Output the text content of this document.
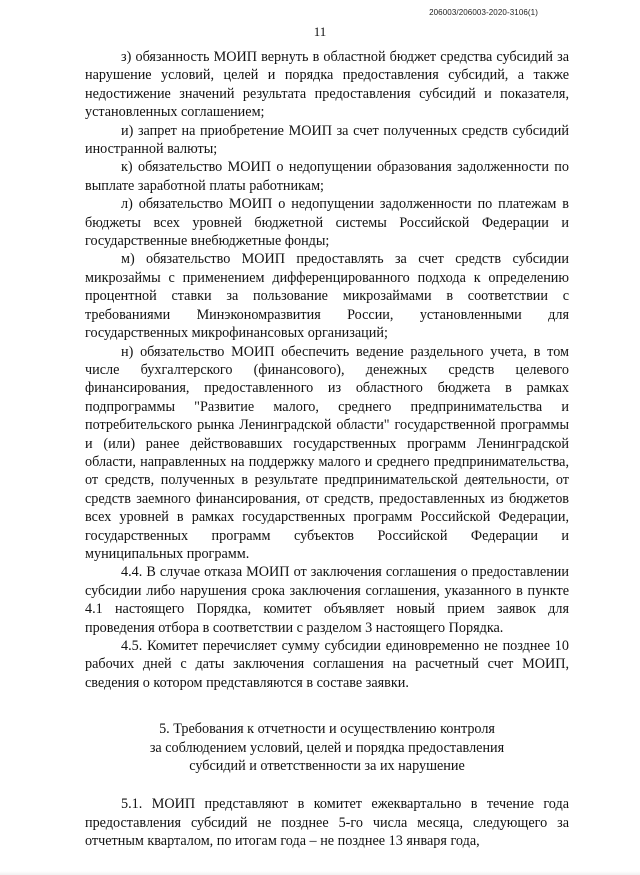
206003/206003-2020-3106(1)
11

з) обязанность МОИП вернуть в областной бюджет средства субсидий за нарушение условий, целей и порядка предоставления субсидий, а также недостижение значений результата предоставления субсидий и показателя, установленных соглашением;

и) запрет на приобретение МОИП за счет полученных средств субсидий иностранной валюты;

к) обязательство МОИП о недопущении образования задолженности по выплате заработной платы работникам;

л) обязательство МОИП о недопущении задолженности по платежам в бюджеты всех уровней бюджетной системы Российской Федерации и государственные внебюджетные фонды;

м) обязательство МОИП предоставлять за счет средств субсидии микрозаймы с применением дифференцированного подхода к определению процентной ставки за пользование микрозаймами в соответствии с требованиями Минэкономразвития России, установленными для государственных микрофинансовых организаций;

н) обязательство МОИП обеспечить ведение раздельного учета, в том числе бухгалтерского (финансового), денежных средств целевого финансирования, предоставленного из областного бюджета в рамках подпрограммы "Развитие малого, среднего предпринимательства и потребительского рынка Ленинградской области" государственной программы и (или) ранее действовавших государственных программ Ленинградской области, направленных на поддержку малого и среднего предпринимательства, от средств, полученных в результате предпринимательской деятельности, от средств заемного финансирования, от средств, предоставленных из бюджетов всех уровней в рамках государственных программ Российской Федерации, государственных программ субъектов Российской Федерации и муниципальных программ.

4.4. В случае отказа МОИП от заключения соглашения о предоставлении субсидии либо нарушения срока заключения соглашения, указанного в пункте 4.1 настоящего Порядка, комитет объявляет новый прием заявок для проведения отбора в соответствии с разделом 3 настоящего Порядка.

4.5. Комитет перечисляет сумму субсидии единовременно не позднее 10 рабочих дней с даты заключения соглашения на расчетный счет МОИП, сведения о котором представляются в составе заявки.

5. Требования к отчетности и осуществлению контроля
за соблюдением условий, целей и порядка предоставления
субсидий и ответственности за их нарушение

5.1. МОИП представляют в комитет ежеквартально в течение года предоставления субсидий не позднее 5-го числа месяца, следующего за отчетным кварталом, по итогам года – не позднее 13 января года,
